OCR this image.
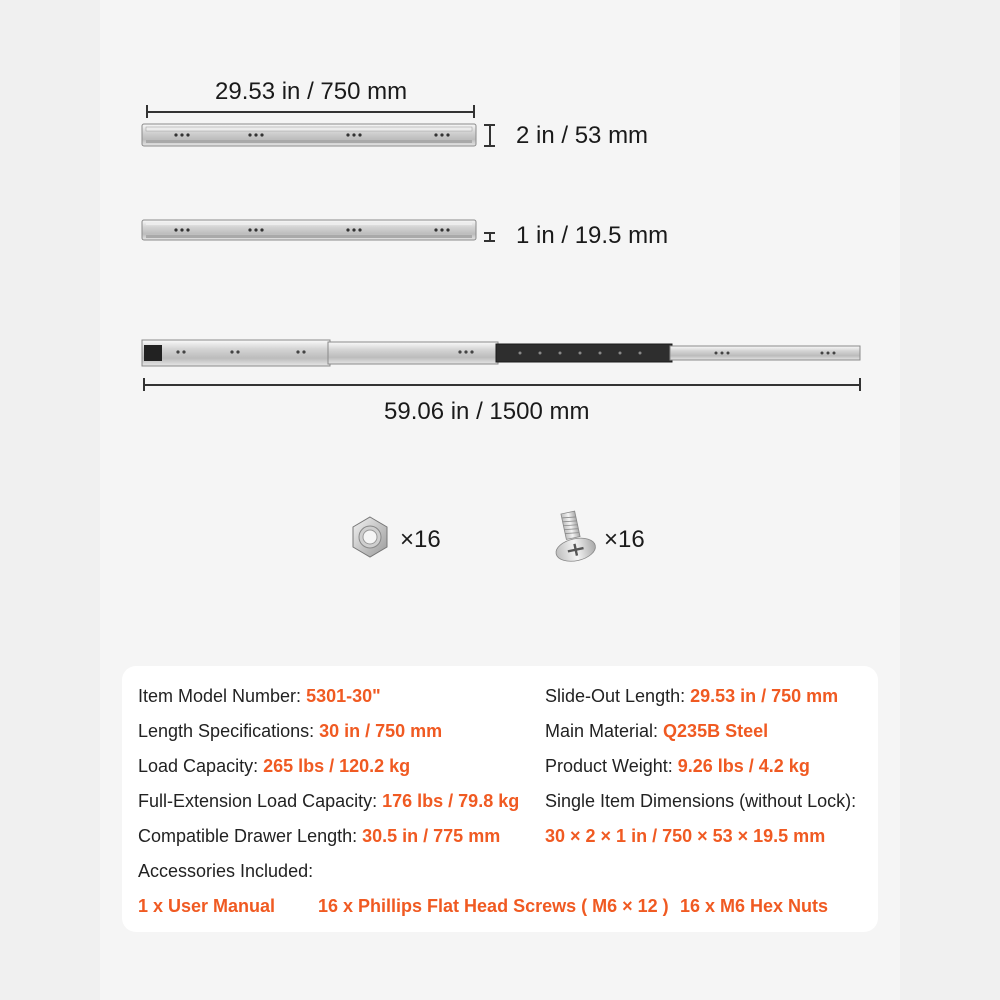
29.53 in / 750 mm
2 in / 53 mm
1 in / 19.5 mm
59.06 in / 1500 mm
×16	×16
Item Model Number: 5301-30"
Length Specifications: 30 in / 750 mm
Load Capacity: 265 lbs / 120.2 kg
Full-Extension Load Capacity: 176 lbs / 79.8 kg
Compatible Drawer Length: 30.5 in / 775 mm
Slide-Out Length: 29.53 in / 750 mm
Main Material: Q235B Steel
Product Weight: 9.26 lbs / 4.2 kg
Single Item Dimensions (without Lock):
30 × 2 × 1 in / 750 × 53 × 19.5 mm
Accessories Included:
1 x User Manual 16 x Phillips Flat Head Screws ( M6 × 12 ) 16 x M6 Hex Nuts
